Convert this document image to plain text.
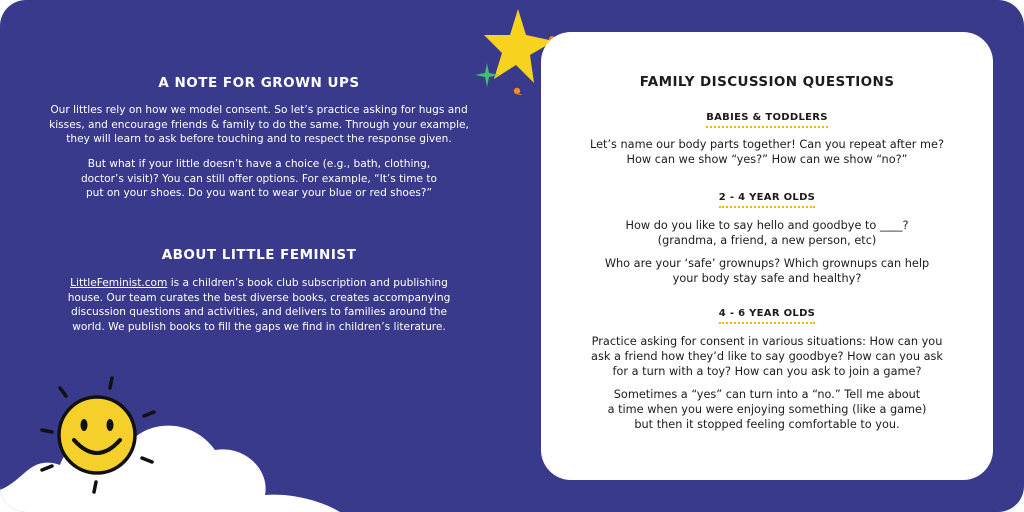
A NOTE FOR GROWN UPS

Our littles rely on how we model consent. So let’s practice asking for hugs and
kisses, and encourage friends & family to do the same. Through your example,
they will learn to ask before touching and to respect the response given.

But what if your little doesn’t have a choice (e.g., bath, clothing,
doctor’s visit)? You can still offer options. For example, “It’s time to
put on your shoes. Do you want to wear your blue or red shoes?”

ABOUT LITTLE FEMINIST

LittleFeminist.com is a children’s book club subscription and publishing
house. Our team curates the best diverse books, creates accompanying
discussion questions and activities, and delivers to families around the
world. We publish books to fill the gaps we find in children’s literature.

FAMILY DISCUSSION QUESTIONS
BABIES & TODDLERS

Let’s name our body parts together! Can you repeat after me?
How can we show “yes?” How can we show “no?”

2 - 4 YEAR OLDS

How do you like to say hello and goodbye to ____?
(grandma, a friend, a new person, etc)

Who are your ‘safe’ grownups? Which grownups can help
your body stay safe and healthy?

4 - 6 YEAR OLDS

Practice asking for consent in various situations: How can you
ask a friend how they’d like to say goodbye? How can you ask
for a turn with a toy? How can you ask to join a game?

Sometimes a “yes” can turn into a “no.” Tell me about
a time when you were enjoying something (like a game)
but then it stopped feeling comfortable to you.
